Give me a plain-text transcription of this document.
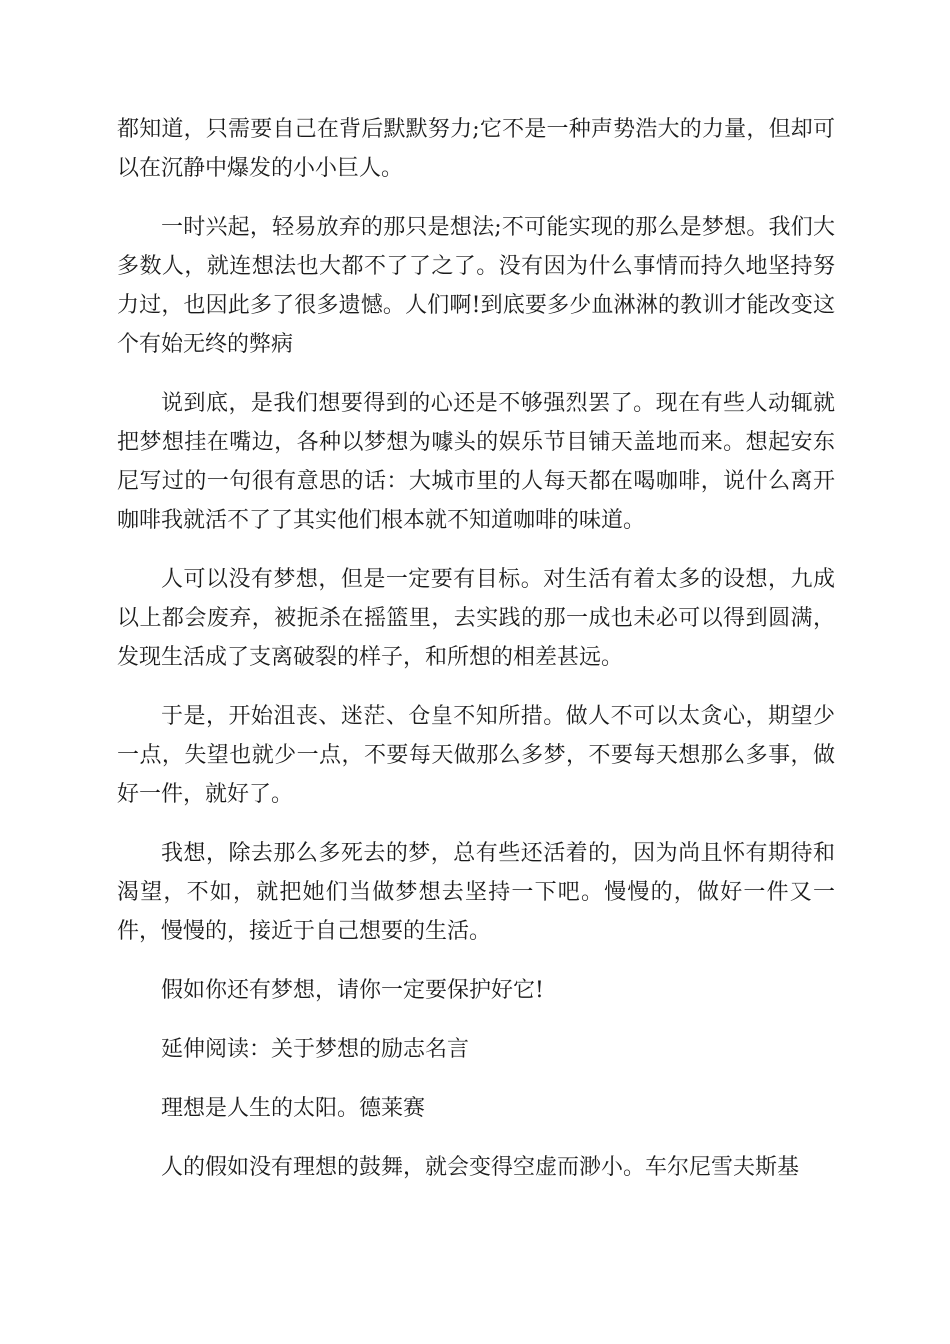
都知道，只需要自己在背后默默努力;它不是一种声势浩大的力量，但却可以在沉静中爆发的小小巨人。

一时兴起，轻易放弃的那只是想法;不可能实现的那么是梦想。我们大多数人，就连想法也大都不了了之了。没有因为什么事情而持久地坚持努力过，也因此多了很多遗憾。人们啊!到底要多少血淋淋的教训才能改变这个有始无终的弊病

说到底，是我们想要得到的心还是不够强烈罢了。现在有些人动辄就把梦想挂在嘴边，各种以梦想为噱头的娱乐节目铺天盖地而来。想起安东尼写过的一句很有意思的话：大城市里的人每天都在喝咖啡，说什么离开咖啡我就活不了了其实他们根本就不知道咖啡的味道。

人可以没有梦想，但是一定要有目标。对生活有着太多的设想，九成以上都会废弃，被扼杀在摇篮里，去实践的那一成也未必可以得到圆满，发现生活成了支离破裂的样子，和所想的相差甚远。

于是，开始沮丧、迷茫、仓皇不知所措。做人不可以太贪心，期望少一点，失望也就少一点，不要每天做那么多梦，不要每天想那么多事，做好一件，就好了。

我想，除去那么多死去的梦，总有些还活着的，因为尚且怀有期待和渴望，不如，就把她们当做梦想去坚持一下吧。慢慢的，做好一件又一件，慢慢的，接近于自己想要的生活。

假如你还有梦想，请你一定要保护好它!

延伸阅读：关于梦想的励志名言

理想是人生的太阳。德莱赛

人的假如没有理想的鼓舞，就会变得空虚而渺小。车尔尼雪夫斯基
